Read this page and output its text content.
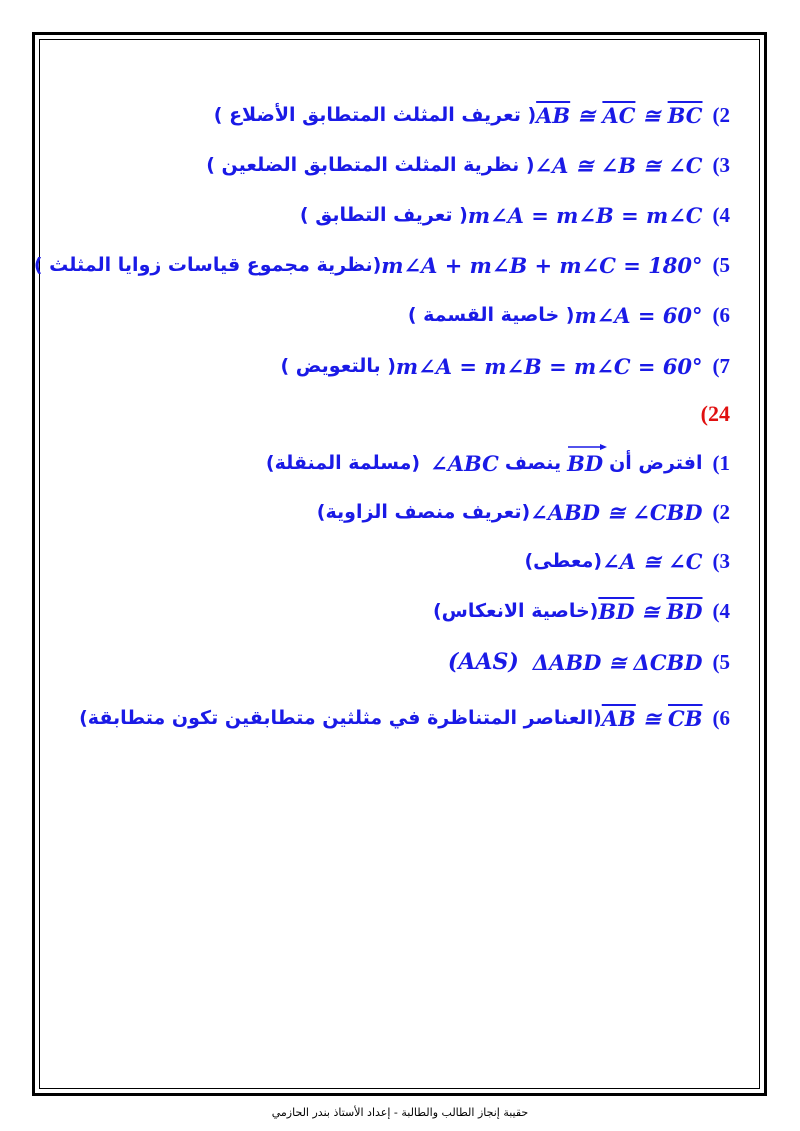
2)
$\overline{AB}$ ≅ $\overline{AC}$ ≅ $\overline{BC}$
( تعريف المثلث المتطابق الأضلاع )
3)
∠A ≅ ∠B ≅ ∠C
( نظرية المثلث المتطابق الضلعين )
4)
m∠A = m∠B = m∠C
( تعريف التطابق )
5)
m∠A + m∠B + m∠C = 180°
(نظرية مجموع قياسات زوايا المثلث )
6)
m∠A = 60°
( خاصية القسمة )
7)
m∠A = m∠B = m∠C = 60°
( بالتعويض )
(24
1)
افترض أن
BD
ينصف
∠ABC
(مسلمة المنقلة)
2)
∠ABD ≅ ∠CBD
(تعريف منصف الزاوية)
3)
∠A ≅ ∠C
(معطى)
4)
$\overline{BD}$ ≅ $\overline{BD}$
(خاصية الانعكاس)
5)
ΔABD ≅ ΔCBD
(AAS)
6)
$\overline{AB}$ ≅ $\overline{CB}$
(العناصر المتناظرة في مثلثين متطابقين تكون متطابقة)
حقيبة إنجاز الطالب والطالبة - إعداد الأستاذ بندر الحازمي
